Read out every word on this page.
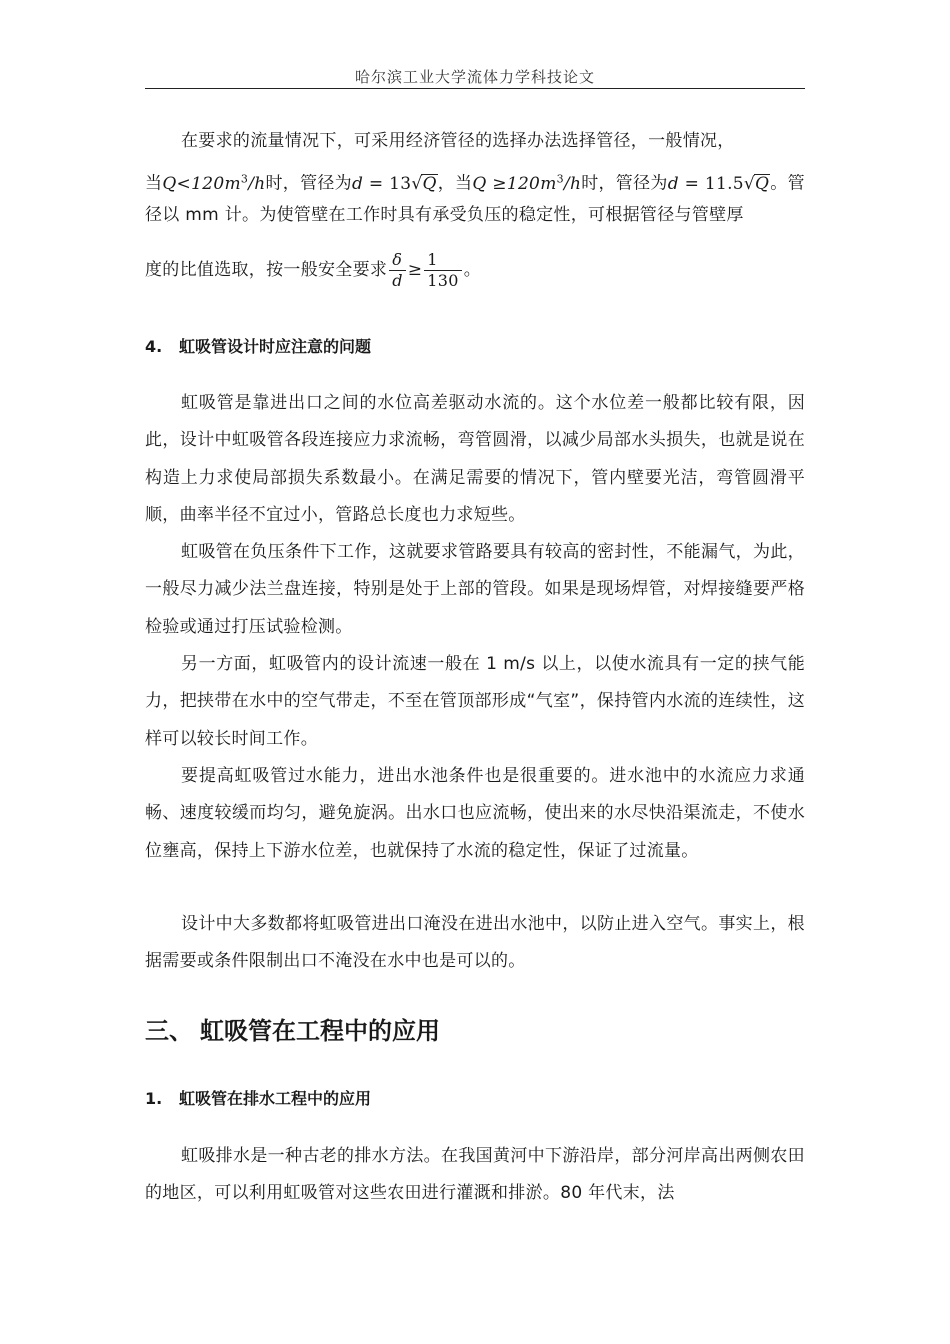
哈尔滨工业大学流体力学科技论文

在要求的流量情况下，可采用经济管径的选择办法选择管径，一般情况，

当$Q<120m^3/h$时，管径为d = 13√Q，当$Q \ge 120m^3/h$时，管径为d = 11.5√Q。管

径以 mm 计。为使管壁在工作时具有承受负压的稳定性，可根据管径与管壁厚

度的比值选取，按一般安全要求 $\frac{\delta}{d} \ge \frac{1}{130}$ 。

4. 虹吸管设计时应注意的问题

虹吸管是靠进出口之间的水位高差驱动水流的。这个水位差一般都比较有限，因此，设计中虹吸管各段连接应力求流畅，弯管圆滑，以减少局部水头损失，也就是说在构造上力求使局部损失系数最小。在满足需要的情况下，管内壁要光洁，弯管圆滑平顺，曲率半径不宜过小，管路总长度也力求短些。

虹吸管在负压条件下工作，这就要求管路要具有较高的密封性，不能漏气，为此，一般尽力减少法兰盘连接，特别是处于上部的管段。如果是现场焊管，对焊接缝要严格检验或通过打压试验检测。

另一方面，虹吸管内的设计流速一般在 1 m/s 以上，以使水流具有一定的挟气能力，把挟带在水中的空气带走，不至在管顶部形成“气室”，保持管内水流的连续性，这样可以较长时间工作。

要提高虹吸管过水能力，进出水池条件也是很重要的。进水池中的水流应力求通畅、速度较缓而均匀，避免旋涡。出水口也应流畅，使出来的水尽快沿渠流走，不使水位壅高，保持上下游水位差，也就保持了水流的稳定性，保证了过流量。

设计中大多数都将虹吸管进出口淹没在进出水池中，以防止进入空气。事实上，根据需要或条件限制出口不淹没在水中也是可以的。

三、 虹吸管在工程中的应用
1. 虹吸管在排水工程中的应用

虹吸排水是一种古老的排水方法。在我国黄河中下游沿岸，部分河岸高出两侧农田的地区，可以利用虹吸管对这些农田进行灌溉和排淤。80 年代末，法
